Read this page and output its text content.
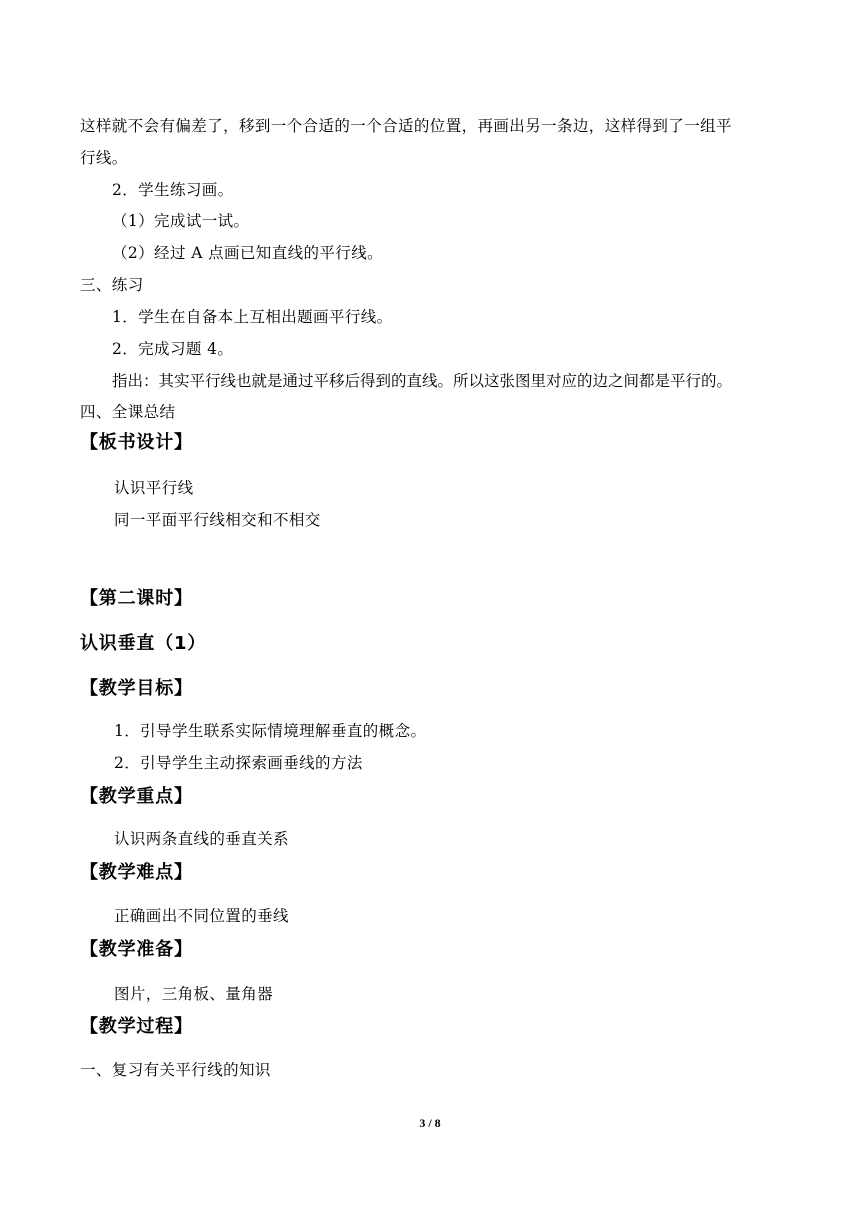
这样就不会有偏差了，移到一个合适的一个合适的位置，再画出另一条边，这样得到了一组平
行线。
2．学生练习画。
（1）完成试一试。
（2）经过 A 点画已知直线的平行线。
三、练习
1．学生在自备本上互相出题画平行线。
2．完成习题 4。
指出：其实平行线也就是通过平移后得到的直线。所以这张图里对应的边之间都是平行的。
四、全课总结
【板书设计】
认识平行线
同一平面平行线相交和不相交
【第二课时】
认识垂直（1）
【教学目标】
1．引导学生联系实际情境理解垂直的概念。
2．引导学生主动探索画垂线的方法
【教学重点】
认识两条直线的垂直关系
【教学难点】
正确画出不同位置的垂线
【教学准备】
图片，三角板、量角器
【教学过程】
一、复习有关平行线的知识
3 / 8
